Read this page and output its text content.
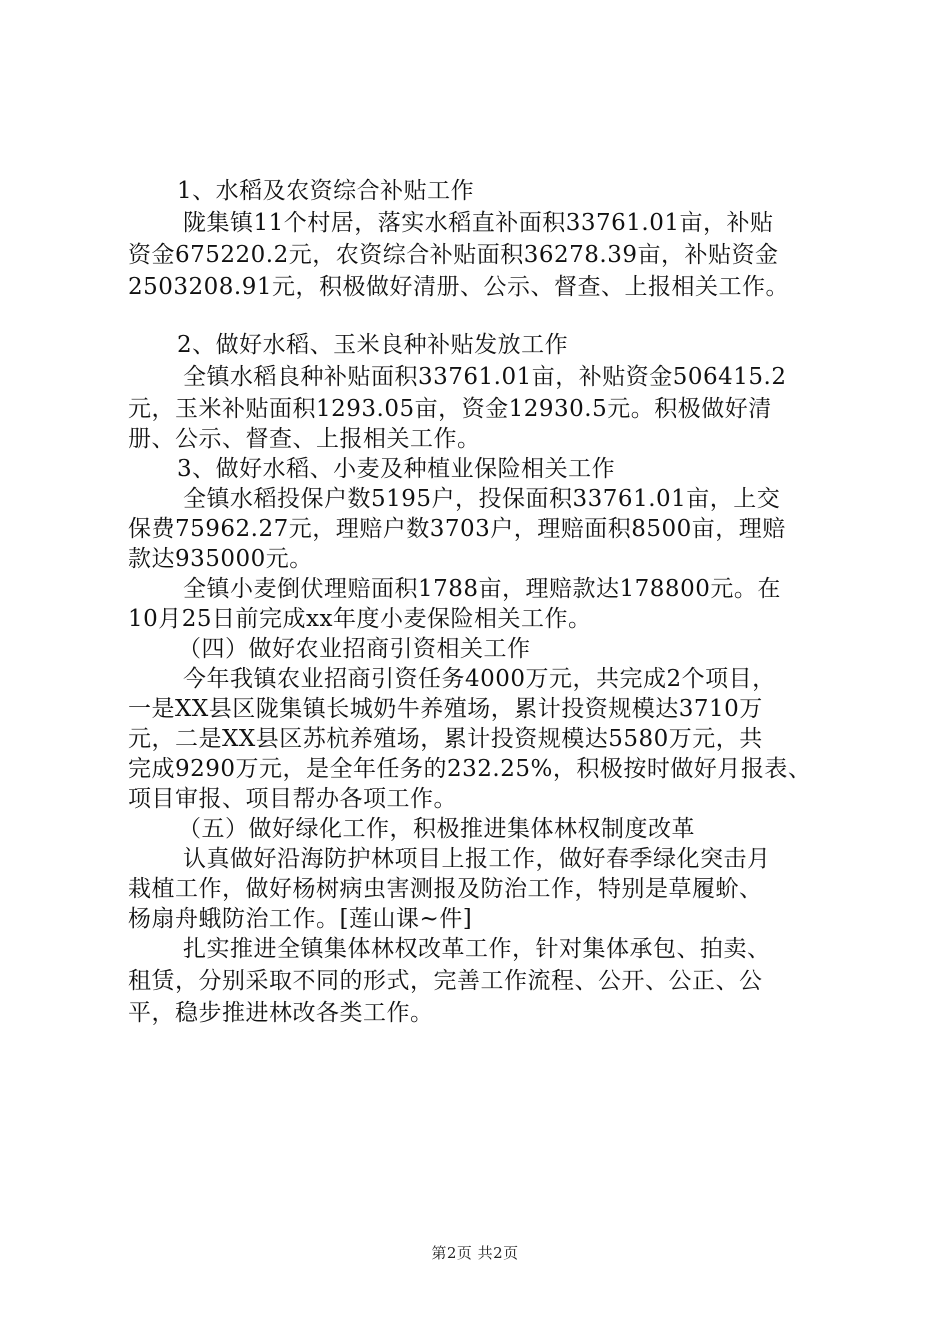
1、水稻及农资综合补贴工作
陇集镇11个村居，落实水稻直补面积33761.01亩，补贴
资金675220.2元，农资综合补贴面积36278.39亩，补贴资金
2503208.91元，积极做好清册、公示、督查、上报相关工作。
2、做好水稻、玉米良种补贴发放工作
全镇水稻良种补贴面积33761.01亩，补贴资金506415.2
元，玉米补贴面积1293.05亩，资金12930.5元。积极做好清
册、公示、督查、上报相关工作。
3、做好水稻、小麦及种植业保险相关工作
全镇水稻投保户数5195户，投保面积33761.01亩，上交
保费75962.27元，理赔户数3703户，理赔面积8500亩，理赔
款达935000元。
全镇小麦倒伏理赔面积1788亩，理赔款达178800元。在
10月25日前完成xx年度小麦保险相关工作。
（四）做好农业招商引资相关工作
今年我镇农业招商引资任务4000万元，共完成2个项目，
一是XX县区陇集镇长城奶牛养殖场，累计投资规模达3710万
元，二是XX县区苏杭养殖场，累计投资规模达5580万元，共
完成9290万元，是全年任务的232.25%，积极按时做好月报表、
项目审报、项目帮办各项工作。
（五）做好绿化工作，积极推进集体林权制度改革
认真做好沿海防护林项目上报工作，做好春季绿化突击月
栽植工作，做好杨树病虫害测报及防治工作，特别是草履蚧、
杨扇舟蛾防治工作。[莲山课~件]
扎实推进全镇集体林权改革工作，针对集体承包、拍卖、
租赁，分别采取不同的形式，完善工作流程、公开、公正、公
平，稳步推进林改各类工作。
第2页 共2页
